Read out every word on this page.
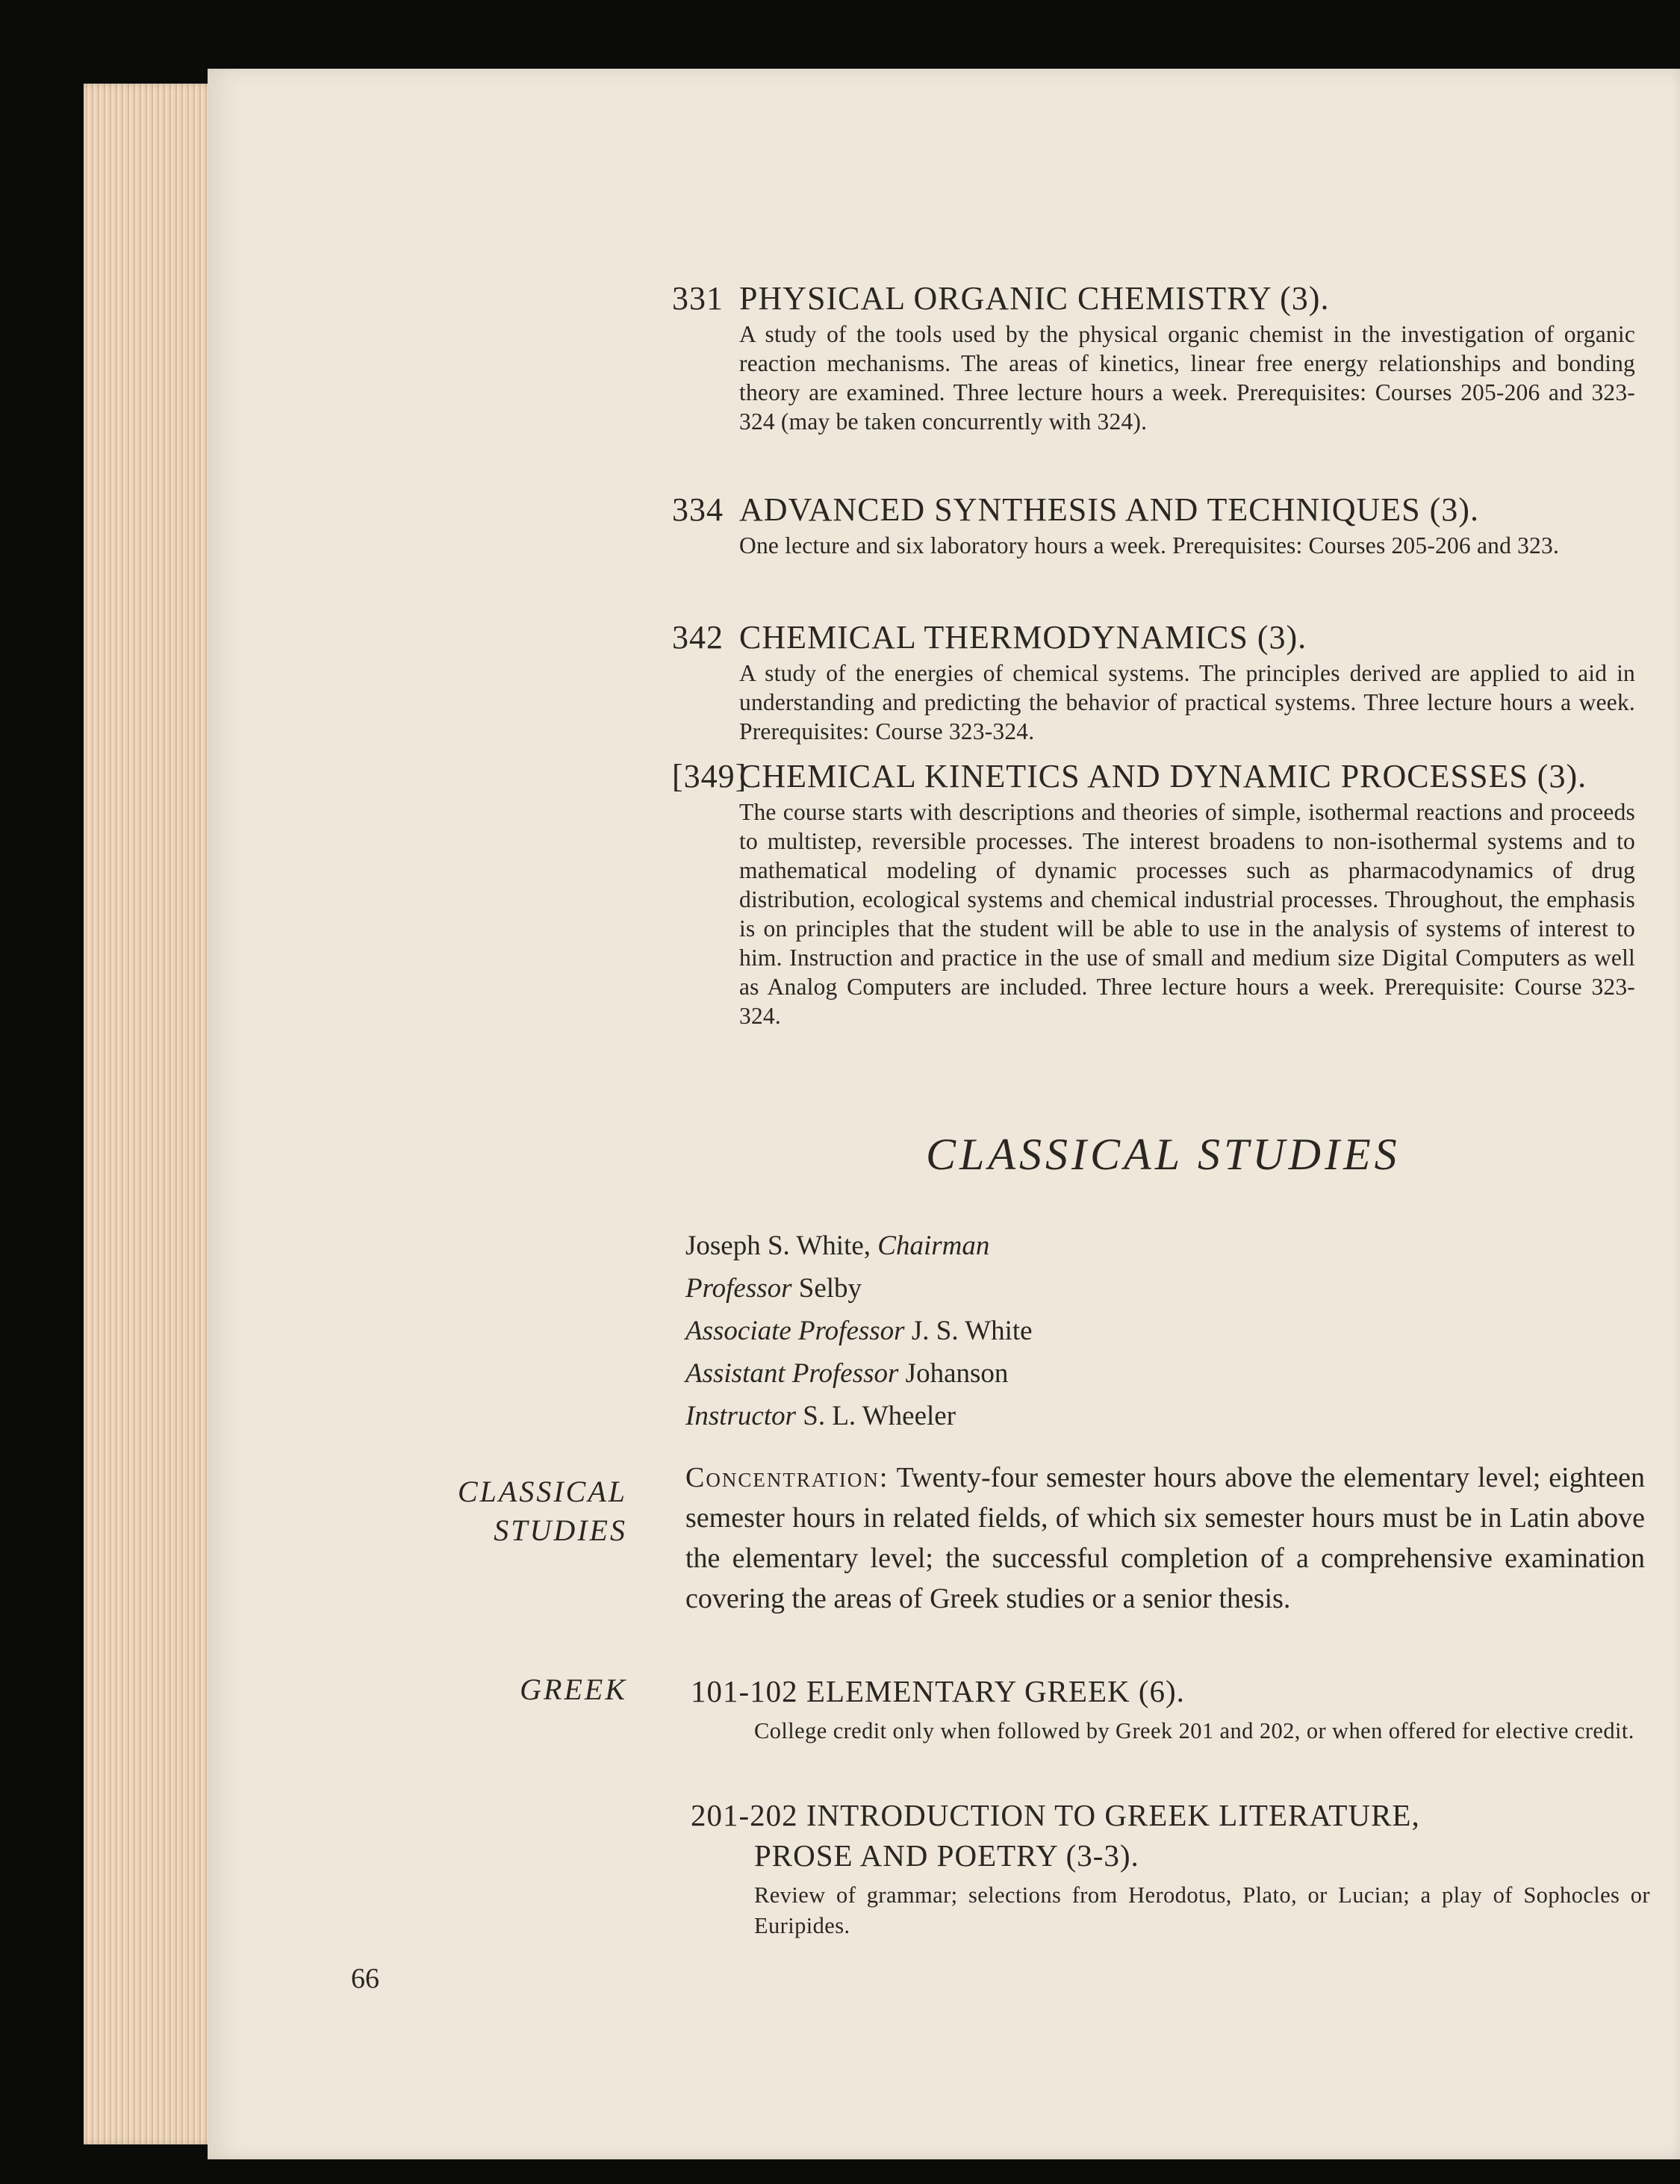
331 PHYSICAL ORGANIC CHEMISTRY (3).
A study of the tools used by the physical organic chemist in the investigation of organic reaction mechanisms. The areas of kinetics, linear free energy relationships and bonding theory are examined. Three lecture hours a week. Prerequisites: Courses 205-206 and 323-324 (may be taken concurrently with 324).
334 ADVANCED SYNTHESIS AND TECHNIQUES (3).
One lecture and six laboratory hours a week. Prerequisites: Courses 205-206 and 323.
342 CHEMICAL THERMODYNAMICS (3).
A study of the energies of chemical systems. The principles derived are applied to aid in understanding and predicting the behavior of practical systems. Three lecture hours a week. Prerequisites: Course 323-324.
[349]CHEMICAL KINETICS AND DYNAMIC PROCESSES (3).
The course starts with descriptions and theories of simple, isothermal reactions and proceeds to multistep, reversible processes. The interest broadens to non-isothermal systems and to mathematical modeling of dynamic processes such as pharmacodynamics of drug distribution, ecological systems and chemical industrial processes. Throughout, the emphasis is on principles that the student will be able to use in the analysis of systems of interest to him. Instruction and practice in the use of small and medium size Digital Computers as well as Analog Computers are included. Three lecture hours a week. Prerequisite: Course 323-324.
CLASSICAL STUDIES
Joseph S. White, Chairman
Professor Selby
Associate Professor J. S. White
Assistant Professor Johanson
Instructor S. L. Wheeler
CLASSICAL
STUDIES
Concentration: Twenty-four semester hours above the elementary level; eighteen semester hours in related fields, of which six semester hours must be in Latin above the elementary level; the successful completion of a comprehensive examination covering the areas of Greek studies or a senior thesis.
GREEK 101-102 ELEMENTARY GREEK (6).
College credit only when followed by Greek 201 and 202, or when offered for elective credit.
201-202 INTRODUCTION TO GREEK LITERATURE,
PROSE AND POETRY (3-3).
Review of grammar; selections from Herodotus, Plato, or Lucian; a play of Sophocles or Euripides.
66
